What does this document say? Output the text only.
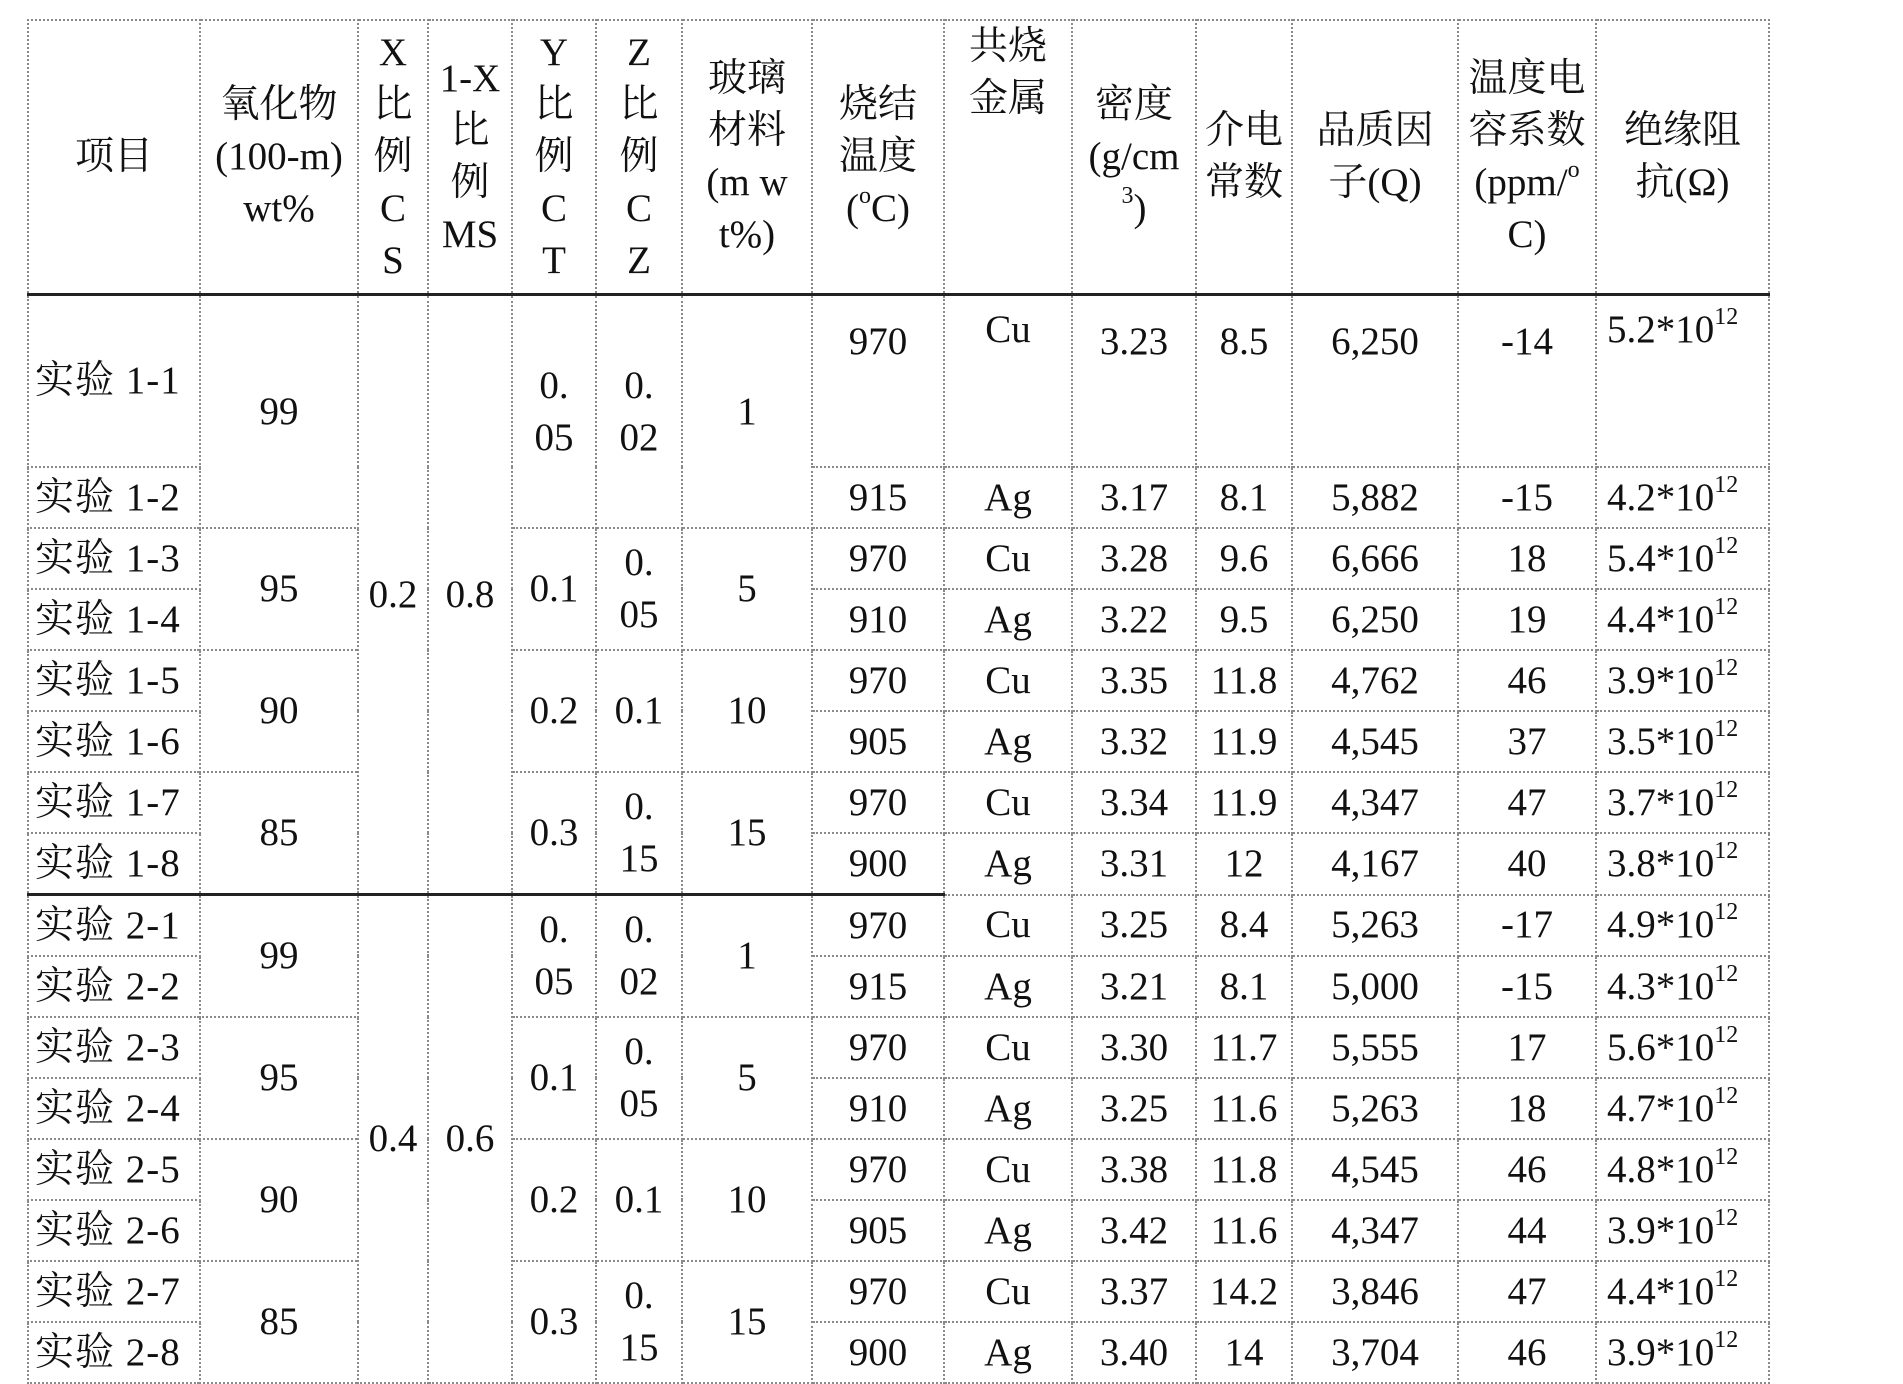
项目	氧化物(100-m)wt%	X比例CS	1-X比例MS	Y比例CT	Z比例CZ	玻璃材料(m wt%)	烧结温度($^o$C)	共烧金属	密度$(g/cm^3)$	介电常数	品质因子(Q)	温度电容系数(ppm/$^o$C)	绝缘阻抗(Ω)
实验 1-1	99	0.2	0.8	0.05	0.02	1	970	Cu	3.23	8.5	6,250	-14	$5.2*10^{12}$
实验 1-2							915	Ag	3.17	8.1	5,882	-15	$4.2*10^{12}$
实验 1-3	95			0.1	0.05	5	970	Cu	3.28	9.6	6,666	18	$5.4*10^{12}$
实验 1-4							910	Ag	3.22	9.5	6,250	19	$4.4*10^{12}$
实验 1-5	90			0.2	0.1	10	970	Cu	3.35	11.8	4,762	46	$3.9*10^{12}$
实验 1-6							905	Ag	3.32	11.9	4,545	37	$3.5*10^{12}$
实验 1-7	85			0.3	0.15	15	970	Cu	3.34	11.9	4,347	47	$3.7*10^{12}$
实验 1-8							900	Ag	3.31	12	4,167	40	$3.8*10^{12}$
实验 2-1	99	0.4	0.6	0.05	0.02	1	970	Cu	3.25	8.4	5,263	-17	$4.9*10^{12}$
实验 2-2							915	Ag	3.21	8.1	5,000	-15	$4.3*10^{12}$
实验 2-3	95			0.1	0.05	5	970	Cu	3.30	11.7	5,555	17	$5.6*10^{12}$
实验 2-4							910	Ag	3.25	11.6	5,263	18	$4.7*10^{12}$
实验 2-5	90			0.2	0.1	10	970	Cu	3.38	11.8	4,545	46	$4.8*10^{12}$
实验 2-6							905	Ag	3.42	11.6	4,347	44	$3.9*10^{12}$
实验 2-7	85			0.3	0.15	15	970	Cu	3.37	14.2	3,846	47	$4.4*10^{12}$
实验 2-8							900	Ag	3.40	14	3,704	46	$3.9*10^{12}$
